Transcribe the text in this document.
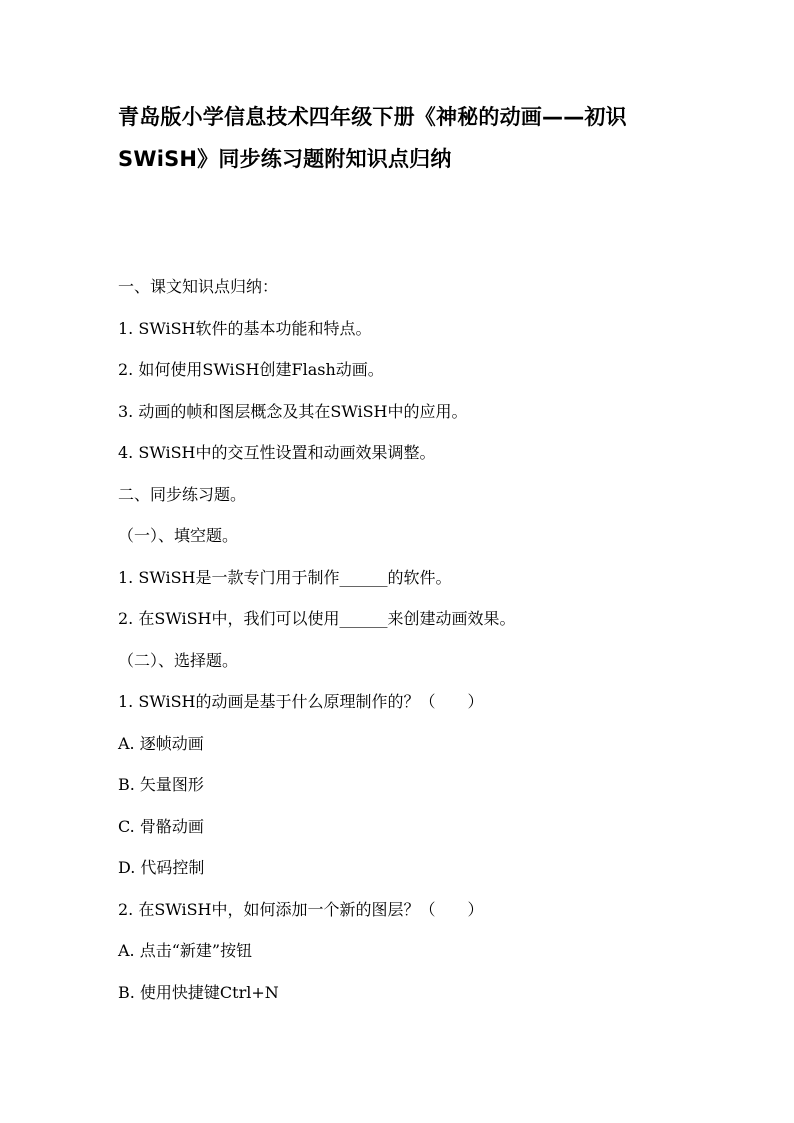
青岛版小学信息技术四年级下册《神秘的动画——初识SWiSH》同步练习题附知识点归纳
一、课文知识点归纳：
1. SWiSH软件的基本功能和特点。
2. 如何使用SWiSH创建Flash动画。
3. 动画的帧和图层概念及其在SWiSH中的应用。
4. SWiSH中的交互性设置和动画效果调整。
二、同步练习题。
（一）、填空题。
1. SWiSH是一款专门用于制作______的软件。
2. 在SWiSH中，我们可以使用______来创建动画效果。
（二）、选择题。
1. SWiSH的动画是基于什么原理制作的？（　　）
A. 逐帧动画
B. 矢量图形
C. 骨骼动画
D. 代码控制
2. 在SWiSH中，如何添加一个新的图层？（　　）
A. 点击“新建”按钮
B. 使用快捷键Ctrl+N
